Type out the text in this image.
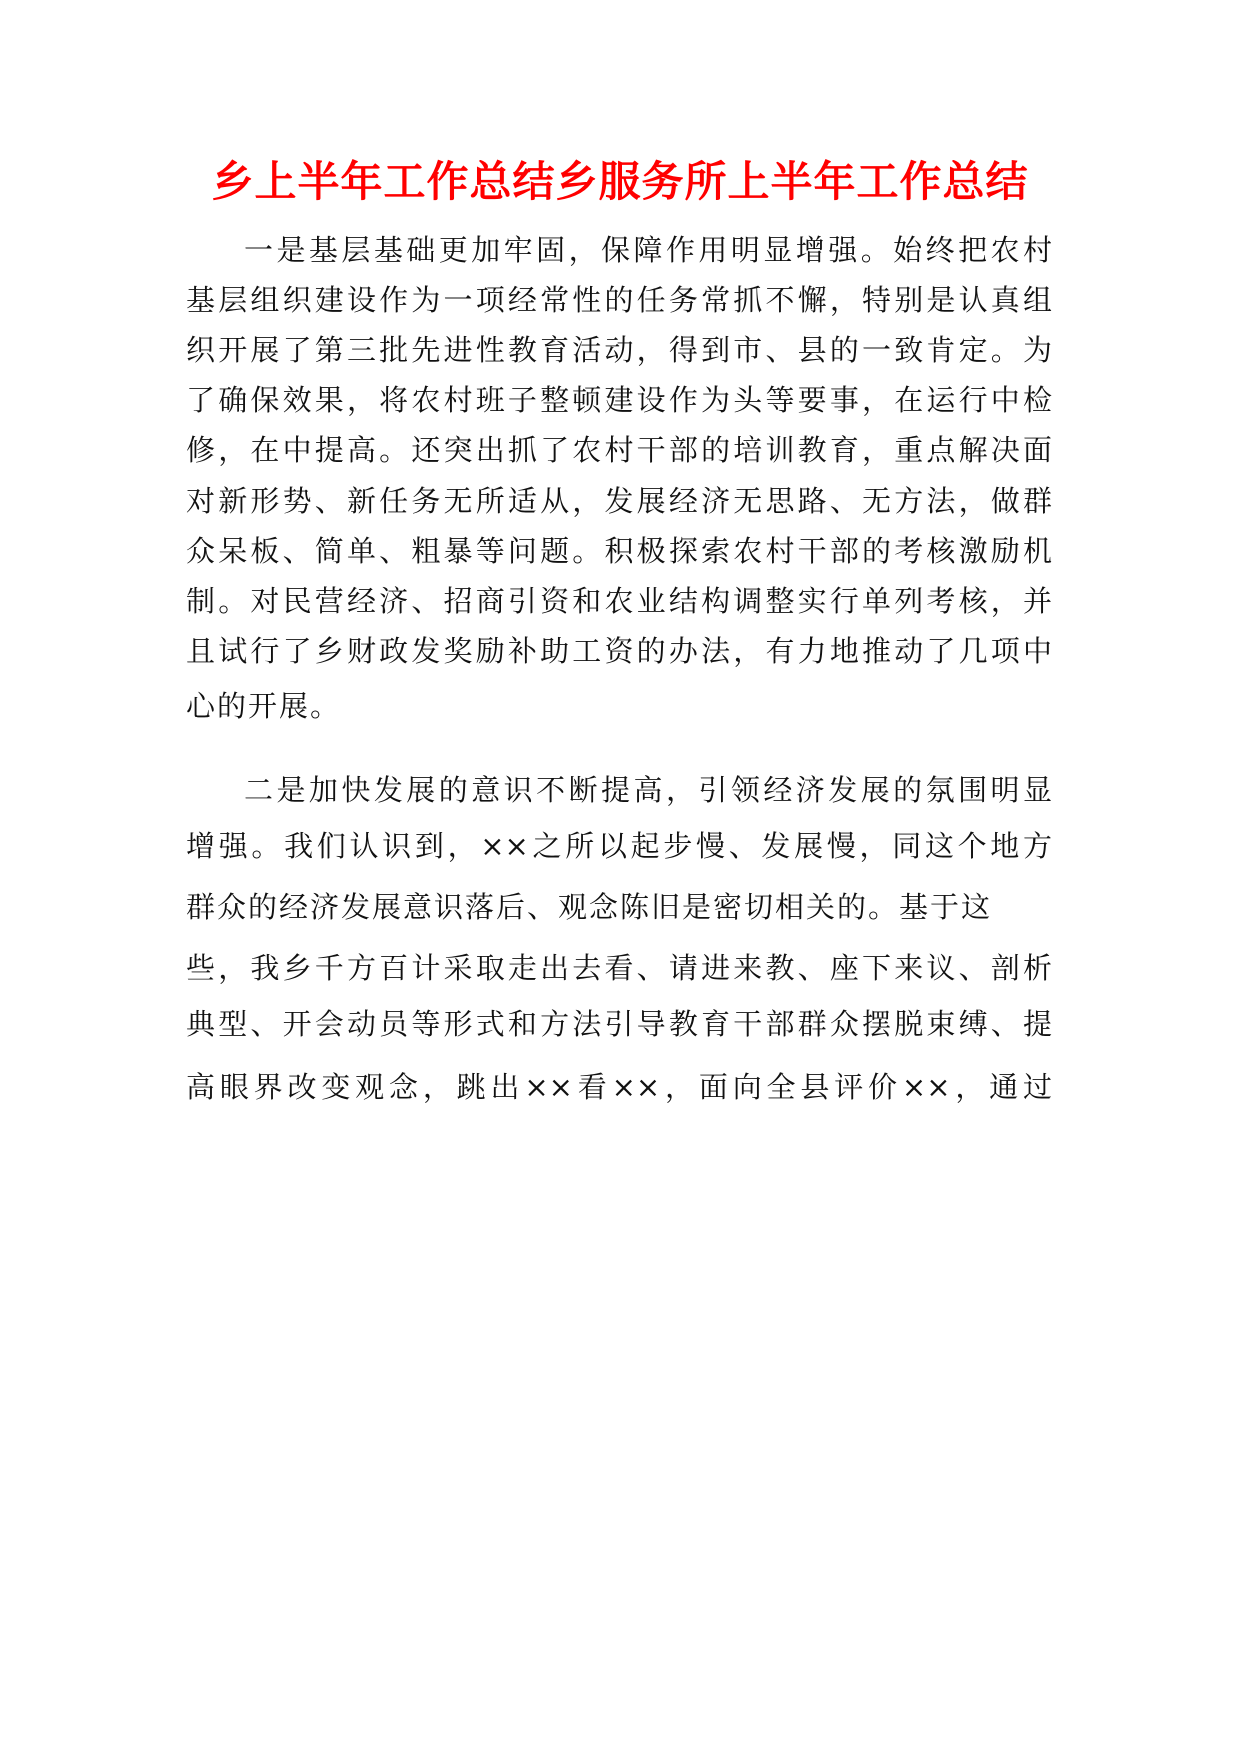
乡上半年工作总结乡服务所上半年工作总结
一是基层基础更加牢固，保障作用明显增强。始终把农村
基层组织建设作为一项经常性的任务常抓不懈，特别是认真组
织开展了第三批先进性教育活动，得到市、县的一致肯定。为
了确保效果，将农村班子整顿建设作为头等要事，在运行中检
修，在中提高。还突出抓了农村干部的培训教育，重点解决面
对新形势、新任务无所适从，发展经济无思路、无方法，做群
众呆板、简单、粗暴等问题。积极探索农村干部的考核激励机
制。对民营经济、招商引资和农业结构调整实行单列考核，并
且试行了乡财政发奖励补助工资的办法，有力地推动了几项中
心的开展。
二是加快发展的意识不断提高，引领经济发展的氛围明显
增强。我们认识到，××之所以起步慢、发展慢，同这个地方
群众的经济发展意识落后、观念陈旧是密切相关的。基于这
些，我乡千方百计采取走出去看、请进来教、座下来议、剖析
典型、开会动员等形式和方法引导教育干部群众摆脱束缚、提
高眼界改变观念，跳出××看××，面向全县评价××，通过
